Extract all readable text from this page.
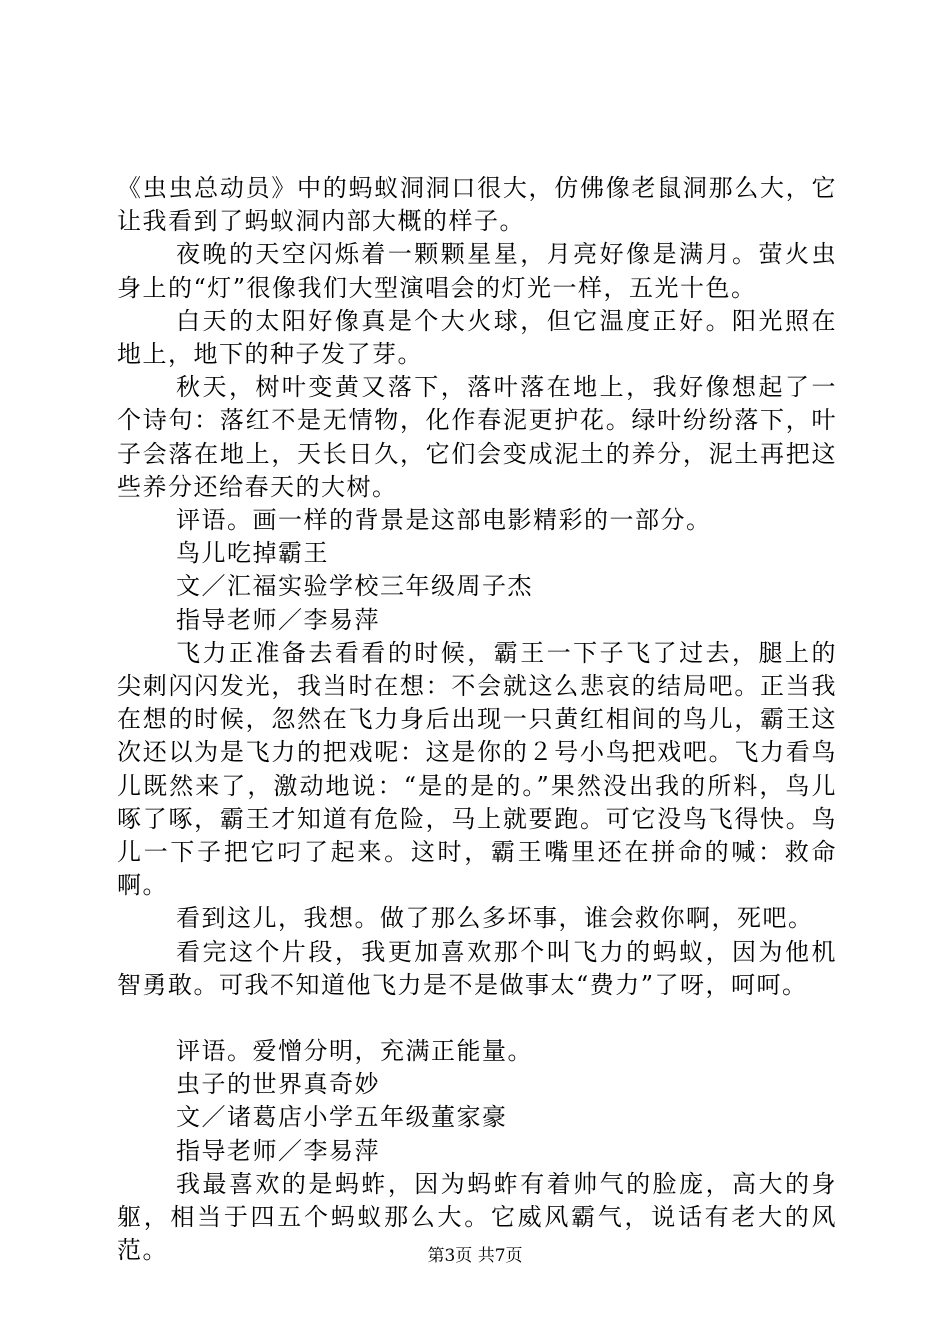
《虫虫总动员》中的蚂蚁洞洞口很大，仿佛像老鼠洞那么大，它让我看到了蚂蚁洞内部大概的样子。

夜晚的天空闪烁着一颗颗星星，月亮好像是满月。萤火虫身上的“灯”很像我们大型演唱会的灯光一样，五光十色。

白天的太阳好像真是个大火球，但它温度正好。阳光照在地上，地下的种子发了芽。

秋天，树叶变黄又落下，落叶落在地上，我好像想起了一个诗句：落红不是无情物，化作春泥更护花。绿叶纷纷落下，叶子会落在地上，天长日久，它们会变成泥土的养分，泥土再把这些养分还给春天的大树。

评语。画一样的背景是这部电影精彩的一部分。

鸟儿吃掉霸王

文／汇福实验学校三年级周子杰

指导老师／李易萍

飞力正准备去看看的时候，霸王一下子飞了过去，腿上的尖刺闪闪发光，我当时在想：不会就这么悲哀的结局吧。正当我在想的时候，忽然在飞力身后出现一只黄红相间的鸟儿，霸王这次还以为是飞力的把戏呢：这是你的２号小鸟把戏吧。飞力看鸟儿既然来了，激动地说：“是的是的。”果然没出我的所料，鸟儿啄了啄，霸王才知道有危险，马上就要跑。可它没鸟飞得快。鸟儿一下子把它叼了起来。这时，霸王嘴里还在拼命的喊：救命啊。

看到这儿，我想。做了那么多坏事，谁会救你啊，死吧。

看完这个片段，我更加喜欢那个叫飞力的蚂蚁，因为他机智勇敢。可我不知道他飞力是不是做事太“费力”了呀，呵呵。

评语。爱憎分明，充满正能量。

虫子的世界真奇妙

文／诸葛店小学五年级董家豪

指导老师／李易萍

我最喜欢的是蚂蚱，因为蚂蚱有着帅气的脸庞，高大的身躯，相当于四五个蚂蚁那么大。它威风霸气，说话有老大的风范。	第3页 共7页
